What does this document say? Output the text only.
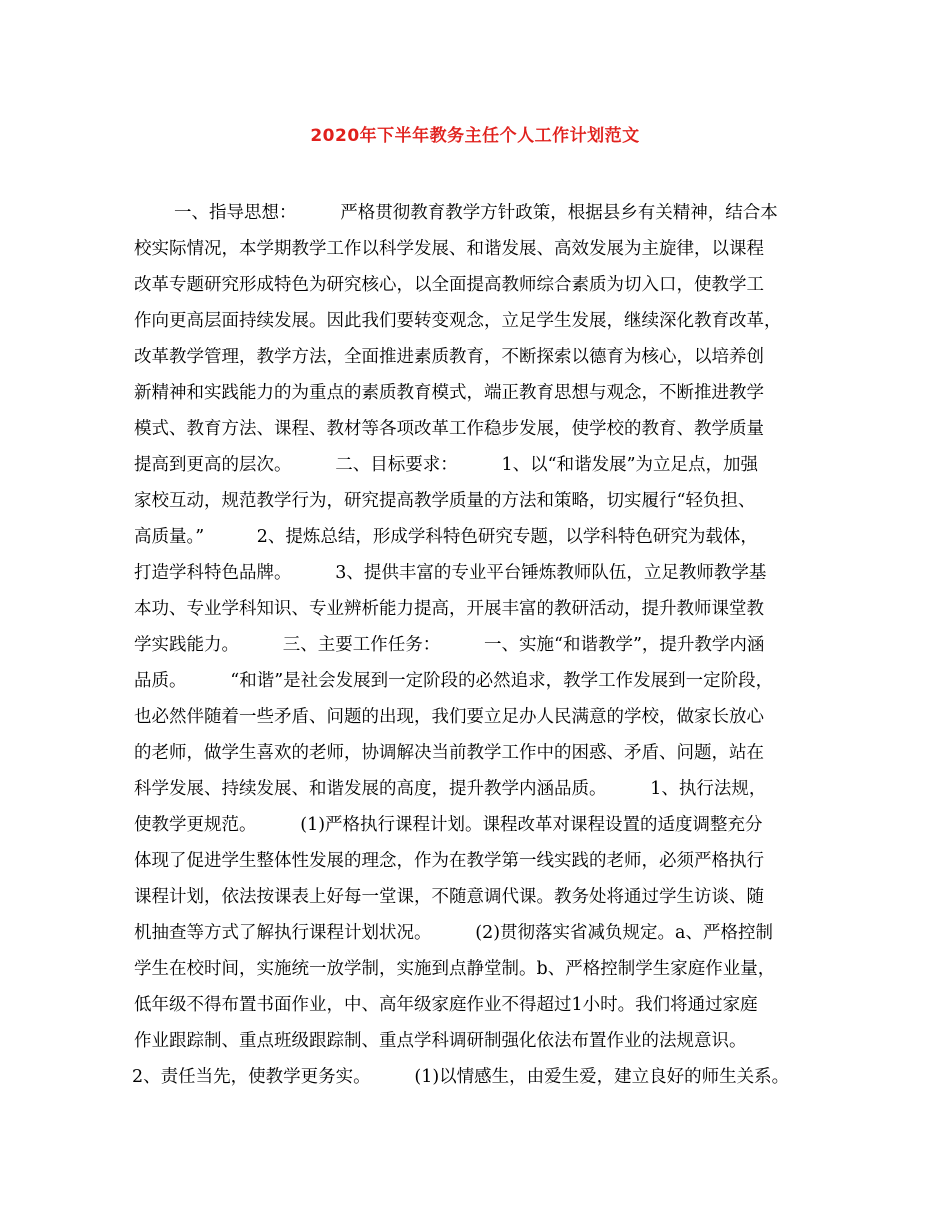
2020年下半年教务主任个人工作计划范文
一、指导思想：　　　严格贯彻教育教学方针政策，根据县乡有关精神，结合本
校实际情况，本学期教学工作以科学发展、和谐发展、高效发展为主旋律，以课程
改革专题研究形成特色为研究核心，以全面提高教师综合素质为切入口，使教学工
作向更高层面持续发展。因此我们要转变观念，立足学生发展，继续深化教育改革，
改革教学管理，教学方法，全面推进素质教育，不断探索以德育为核心，以培养创
新精神和实践能力的为重点的素质教育模式，端正教育思想与观念，不断推进教学
模式、教育方法、课程、教材等各项改革工作稳步发展，使学校的教育、教学质量
提高到更高的层次。　　　二、目标要求：　　　1、以“和谐发展”为立足点，加强
家校互动，规范教学行为，研究提高教学质量的方法和策略，切实履行“轻负担、
高质量。”　　　2、提炼总结，形成学科特色研究专题，以学科特色研究为载体，
打造学科特色品牌。　　　3、提供丰富的专业平台锤炼教师队伍，立足教师教学基
本功、专业学科知识、专业辨析能力提高，开展丰富的教研活动，提升教师课堂教
学实践能力。　　　三、主要工作任务：　　　一、实施“和谐教学”，提升教学内涵
品质。　　　“和谐”是社会发展到一定阶段的必然追求，教学工作发展到一定阶段，
也必然伴随着一些矛盾、问题的出现，我们要立足办人民满意的学校，做家长放心
的老师，做学生喜欢的老师，协调解决当前教学工作中的困惑、矛盾、问题，站在
科学发展、持续发展、和谐发展的高度，提升教学内涵品质。　　　1、执行法规，
使教学更规范。　　　(1)严格执行课程计划。课程改革对课程设置的适度调整充分
体现了促进学生整体性发展的理念，作为在教学第一线实践的老师，必须严格执行
课程计划，依法按课表上好每一堂课，不随意调代课。教务处将通过学生访谈、随
机抽查等方式了解执行课程计划状况。　　　(2)贯彻落实省减负规定。a、严格控制
学生在校时间，实施统一放学制，实施到点静堂制。b、严格控制学生家庭作业量，
低年级不得布置书面作业，中、高年级家庭作业不得超过1小时。我们将通过家庭
作业跟踪制、重点班级跟踪制、重点学科调研制强化依法布置作业的法规意识。
2、责任当先，使教学更务实。　　　(1)以情感生，由爱生爱，建立良好的师生关系。
